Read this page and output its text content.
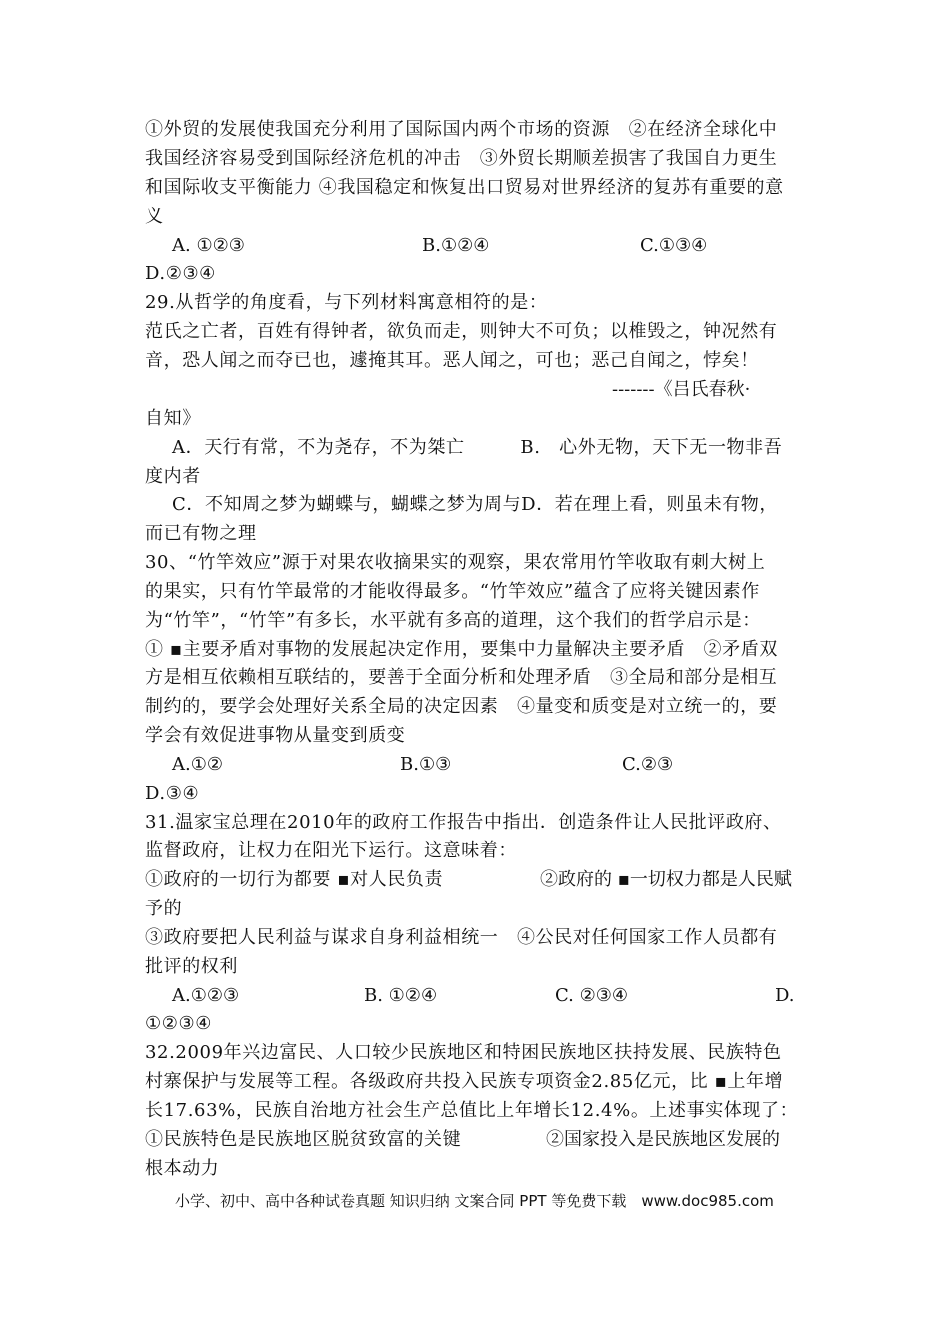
①外贸的发展使我国充分利用了国际国内两个市场的资源　②在经济全球化中
我国经济容易受到国际经济危机的冲击　③外贸长期顺差损害了我国自力更生
和国际收支平衡能力 ④我国稳定和恢复出口贸易对世界经济的复苏有重要的意
义
A. ①②③	B.①②④	C.①③④
D.②③④
29.从哲学的角度看，与下列材料寓意相符的是：
范氏之亡者，百姓有得钟者，欲负而走，则钟大不可负；以椎毁之，钟况然有
音，恐人闻之而夺已也，遽掩其耳。恶人闻之，可也；恶己自闻之，悖矣！
-------《吕氏春秋·
自知》
A．天行有常，不为尧存，不为桀亡　　　B.　心外无物，天下无一物非吾
度内者
C．不知周之梦为蝴蝶与，蝴蝶之梦为周与D．若在理上看，则虽未有物，
而已有物之理
30、“竹竿效应”源于对果农收摘果实的观察，果农常用竹竿收取有刺大树上
的果实，只有竹竿最常的才能收得最多。“竹竿效应”蕴含了应将关键因素作
为“竹竿”，“竹竿”有多长，水平就有多高的道理，这个我们的哲学启示是：
① ▪主要矛盾对事物的发展起决定作用，要集中力量解决主要矛盾　②矛盾双
方是相互依赖相互联结的，要善于全面分析和处理矛盾　③全局和部分是相互
制约的，要学会处理好关系全局的决定因素　④量变和质变是对立统一的，要
学会有效促进事物从量变到质变
A.①②	B.①③	C.②③
D.③④
31.温家宝总理在2010年的政府工作报告中指出．创造条件让人民批评政府、
监督政府，让权力在阳光下运行。这意味着：
①政府的一切行为都要 ▪对人民负责	②政府的 ▪一切权力都是人民赋
予的
③政府要把人民利益与谋求自身利益相统一　④公民对任何国家工作人员都有
批评的权利
A.①②③	B. ①②④	C. ②③④	D.
①②③④
32.2009年兴边富民、人口较少民族地区和特困民族地区扶持发展、民族特色
村寨保护与发展等工程。各级政府共投入民族专项资金2.85亿元，比 ▪上年增
长17.63%，民族自治地方社会生产总值比上年增长12.4%。上述事实体现了：
①民族特色是民族地区脱贫致富的关键	②国家投入是民族地区发展的
根本动力
小学、初中、高中各种试卷真题 知识归纳 文案合同 PPT 等免费下载　www.doc985.com
